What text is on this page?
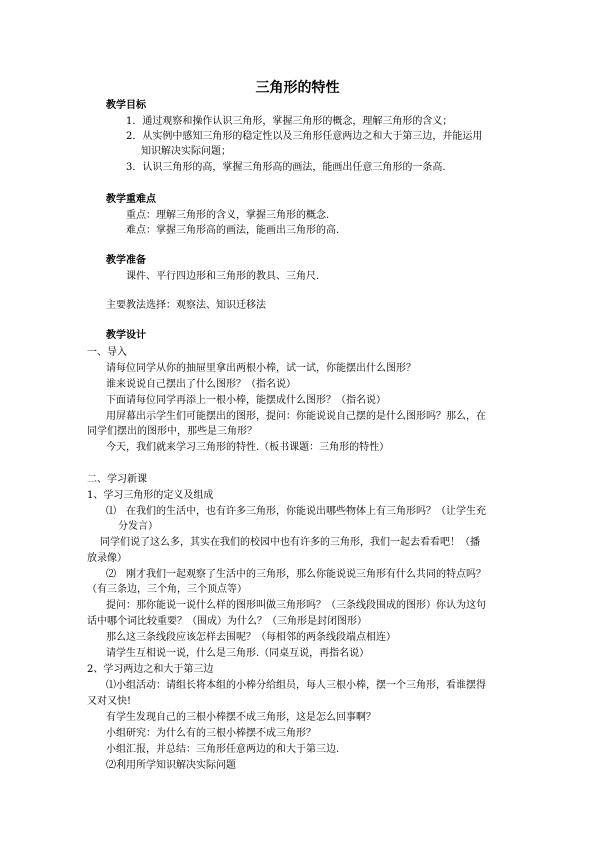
三角形的特性
教学目标
1．通过观察和操作认识三角形，掌握三角形的概念，理解三角形的含义；
2．从实例中感知三角形的稳定性以及三角形任意两边之和大于第三边，并能运用
知识解决实际问题；
3．认识三角形的高，掌握三角形高的画法，能画出任意三角形的一条高.
教学重难点
重点：理解三角形的含义，掌握三角形的概念.
难点：掌握三角形高的画法，能画出三角形的高.
教学准备
课件、平行四边形和三角形的教具、三角尺.
主要教法选择：观察法、知识迁移法
教学设计
一、导入
请每位同学从你的抽屉里拿出两根小棒，试一试，你能摆出什么图形？
谁来说说自己摆出了什么图形？（指名说）
下面请每位同学再添上一根小棒，能摆成什么图形？（指名说）
用屏幕出示学生们可能摆出的图形，提问：你能说说自己摆的是什么图形吗？那么，在
同学们摆出的图形中，那些是三角形？
今天，我们就来学习三角形的特性.（板书课题：三角形的特性）
二、学习新课
1、学习三角形的定义及组成
⑴　在我们的生活中，也有许多三角形，你能说出哪些物体上有三角形吗？（让学生充
分发言）
同学们说了这么多，其实在我们的校园中也有许多的三角形，我们一起去看看吧！（播
放录像）
⑵　刚才我们一起观察了生活中的三角形，那么你能说说三角形有什么共同的特点吗？
（有三条边，三个角，三个顶点等）
提问：那你能说一说什么样的图形叫做三角形吗？（三条线段围成的图形）你认为这句
话中哪个词比较重要？（围成）为什么？（三角形是封闭图形）
那么这三条线段应该怎样去围呢？（每相邻的两条线段端点相连）
请学生互相说一说，什么是三角形.（同桌互说，再指名说）
2、学习两边之和大于第三边
⑴小组活动：请组长将本组的小棒分给组员，每人三根小棒，摆一个三角形，看谁摆得
又对又快!
有学生发现自己的三根小棒摆不成三角形，这是怎么回事啊？
小组研究：为什么有的三根小棒摆不成三角形？
小组汇报，并总结：三角形任意两边的和大于第三边.
⑵利用所学知识解决实际问题
